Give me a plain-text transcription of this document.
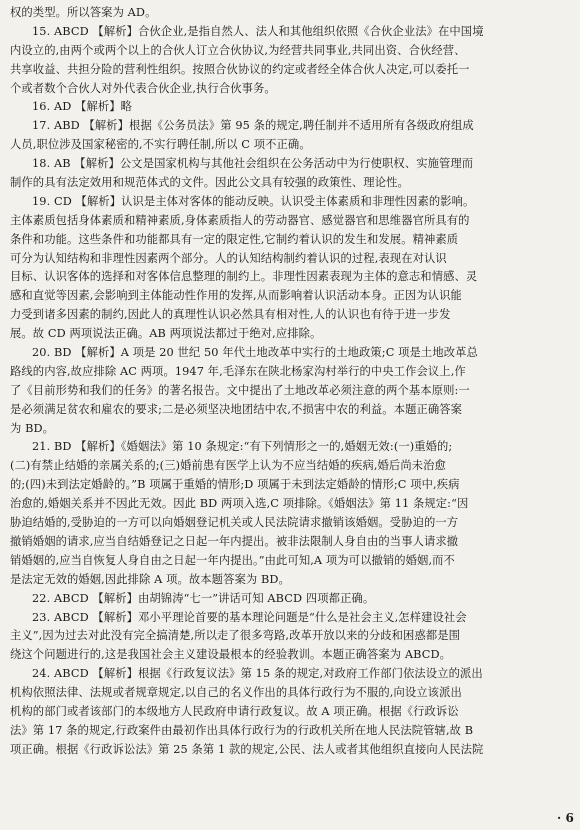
权的类型。所以答案为 AD。
15. ABCD 【解析】合伙企业,是指自然人、法人和其他组织依照《合伙企业法》在中国境
内设立的,由两个或两个以上的合伙人订立合伙协议,为经营共同事业,共同出资、合伙经营、
共享收益、共担分险的营利性组织。按照合伙协议的约定或者经全体合伙人决定,可以委托一
个或者数个合伙人对外代表合伙企业,执行合伙事务。
16. AD 【解析】略
17. ABD 【解析】根据《公务员法》第 95 条的规定,聘任制并不适用所有各级政府组成
人员,职位涉及国家秘密的,不实行聘任制,所以 C 项不正确。
18. AB 【解析】公文是国家机构与其他社会组织在公务活动中为行使职权、实施管理而
制作的具有法定效用和规范体式的文件。因此公文具有较强的政策性、理论性。
19. CD 【解析】认识是主体对客体的能动反映。认识受主体素质和非理性因素的影响。
主体素质包括身体素质和精神素质,身体素质指人的劳动器官、感觉器官和思维器官所具有的
条件和功能。这些条件和功能都具有一定的限定性,它制约着认识的发生和发展。精神素质
可分为认知结构和非理性因素两个部分。人的认知结构制约着认识的过程,表现在对认识
目标、认识客体的选择和对客体信息整理的制约上。非理性因素表现为主体的意志和情感、灵
感和直觉等因素,会影响到主体能动性作用的发挥,从而影响着认识活动本身。正因为认识能
力受到诸多因素的制约,因此人的真理性认识必然具有相对性,人的认识也有待于进一步发
展。故 CD 两项说法正确。AB 两项说法都过于绝对,应排除。
20. BD 【解析】A 项是 20 世纪 50 年代土地改革中实行的土地政策;C 项是土地改革总
路线的内容,故应排除 AC 两项。1947 年,毛泽东在陕北杨家沟村举行的中央工作会议上,作
了《目前形势和我们的任务》的著名报告。文中提出了土地改革必须注意的两个基本原则:一
是必须满足贫农和雇农的要求;二是必须坚决地团结中农,不损害中农的利益。本题正确答案
为 BD。
21. BD 【解析】《婚姻法》第 10 条规定:“有下列情形之一的,婚姻无效:(一)重婚的;
(二)有禁止结婚的亲属关系的;(三)婚前患有医学上认为不应当结婚的疾病,婚后尚未治愈
的;(四)未到法定婚龄的。”B 项属于重婚的情形;D 项属于未到法定婚龄的情形;C 项中,疾病
治愈的,婚姻关系并不因此无效。因此 BD 两项入选,C 项排除。《婚姻法》第 11 条规定:“因
胁迫结婚的,受胁迫的一方可以向婚姻登记机关或人民法院请求撤销该婚姻。受胁迫的一方
撤销婚姻的请求,应当自结婚登记之日起一年内提出。被非法限制人身自由的当事人请求撤
销婚姻的,应当自恢复人身自由之日起一年内提出。”由此可知,A 项为可以撤销的婚姻,而不
是法定无效的婚姻,因此排除 A 项。故本题答案为 BD。
22. ABCD 【解析】由胡锦涛“七一”讲话可知 ABCD 四项都正确。
23. ABCD 【解析】邓小平理论首要的基本理论问题是“什么是社会主义,怎样建设社会
主义”,因为过去对此没有完全搞清楚,所以走了很多弯路,改革开放以来的分歧和困惑都是围
绕这个问题进行的,这是我国社会主义建设最根本的经验教训。本题正确答案为 ABCD。
24. ABCD 【解析】根据《行政复议法》第 15 条的规定,对政府工作部门依法设立的派出
机构依照法律、法规或者规章规定,以自己的名义作出的具体行政行为不服的,向设立该派出
机构的部门或者该部门的本级地方人民政府申请行政复议。故 A 项正确。根据《行政诉讼
法》第 17 条的规定,行政案件由最初作出具体行政行为的行政机关所在地人民法院管辖,故 B
项正确。根据《行政诉讼法》第 25 条第 1 款的规定,公民、法人或者其他组织直接向人民法院
· 6
